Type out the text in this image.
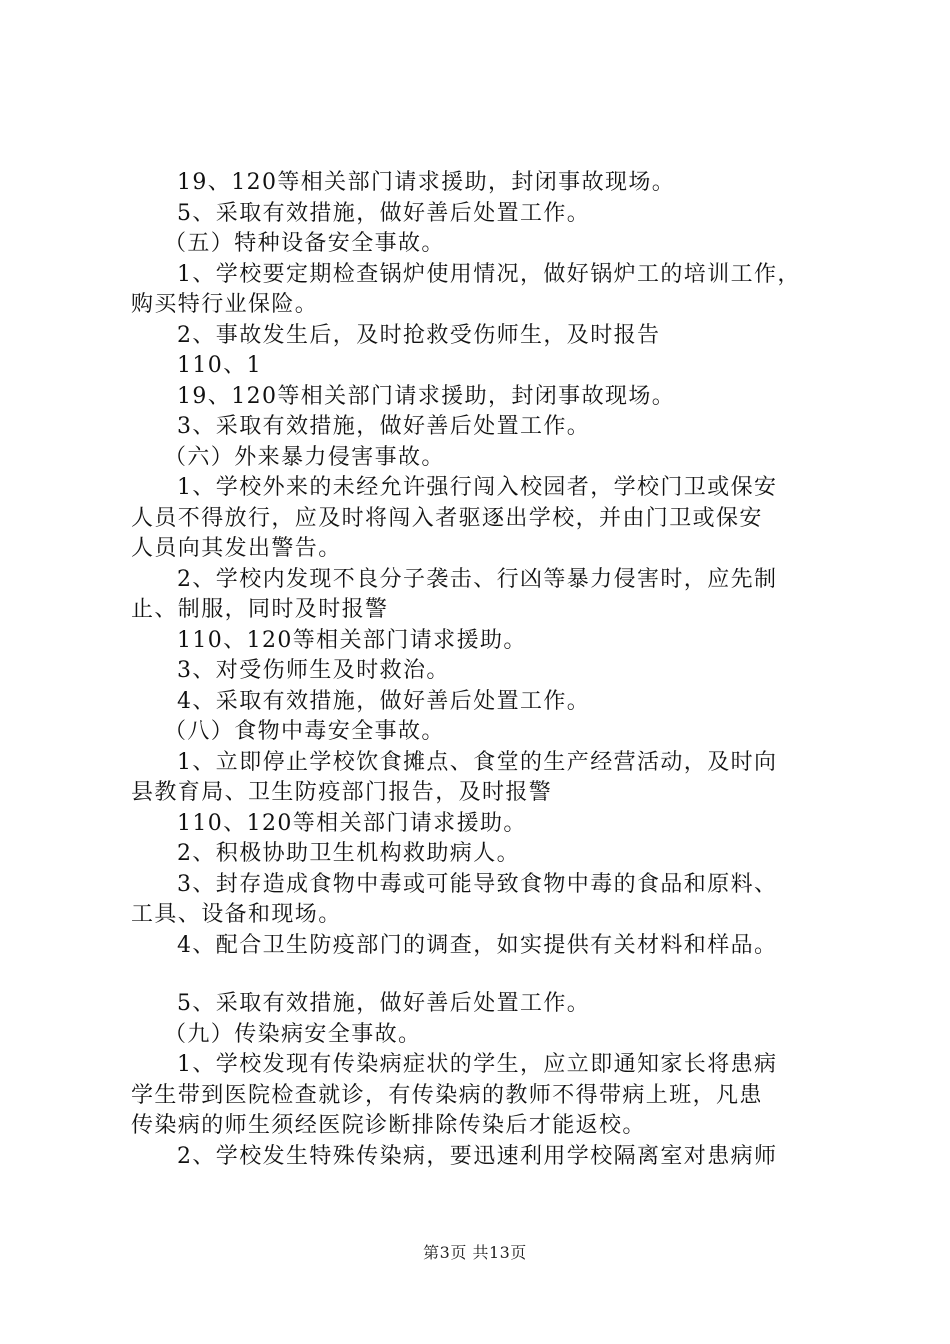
19、120等相关部门请求援助，封闭事故现场。
5、采取有效措施，做好善后处置工作。
（五）特种设备安全事故。
1、学校要定期检查锅炉使用情况，做好锅炉工的培训工作，
购买特行业保险。
2、事故发生后，及时抢救受伤师生，及时报告
110、1
19、120等相关部门请求援助，封闭事故现场。
3、采取有效措施，做好善后处置工作。
（六）外来暴力侵害事故。
1、学校外来的未经允许强行闯入校园者，学校门卫或保安
人员不得放行，应及时将闯入者驱逐出学校，并由门卫或保安
人员向其发出警告。
2、学校内发现不良分子袭击、行凶等暴力侵害时，应先制
止、制服，同时及时报警
110、120等相关部门请求援助。
3、对受伤师生及时救治。
4、采取有效措施，做好善后处置工作。
（八）食物中毒安全事故。
1、立即停止学校饮食摊点、食堂的生产经营活动，及时向
县教育局、卫生防疫部门报告，及时报警
110、120等相关部门请求援助。
2、积极协助卫生机构救助病人。
3、封存造成食物中毒或可能导致食物中毒的食品和原料、
工具、设备和现场。
4、配合卫生防疫部门的调查，如实提供有关材料和样品。
5、采取有效措施，做好善后处置工作。
（九）传染病安全事故。
1、学校发现有传染病症状的学生，应立即通知家长将患病
学生带到医院检查就诊，有传染病的教师不得带病上班，凡患
传染病的师生须经医院诊断排除传染后才能返校。
2、学校发生特殊传染病，要迅速利用学校隔离室对患病师
第3页 共13页
